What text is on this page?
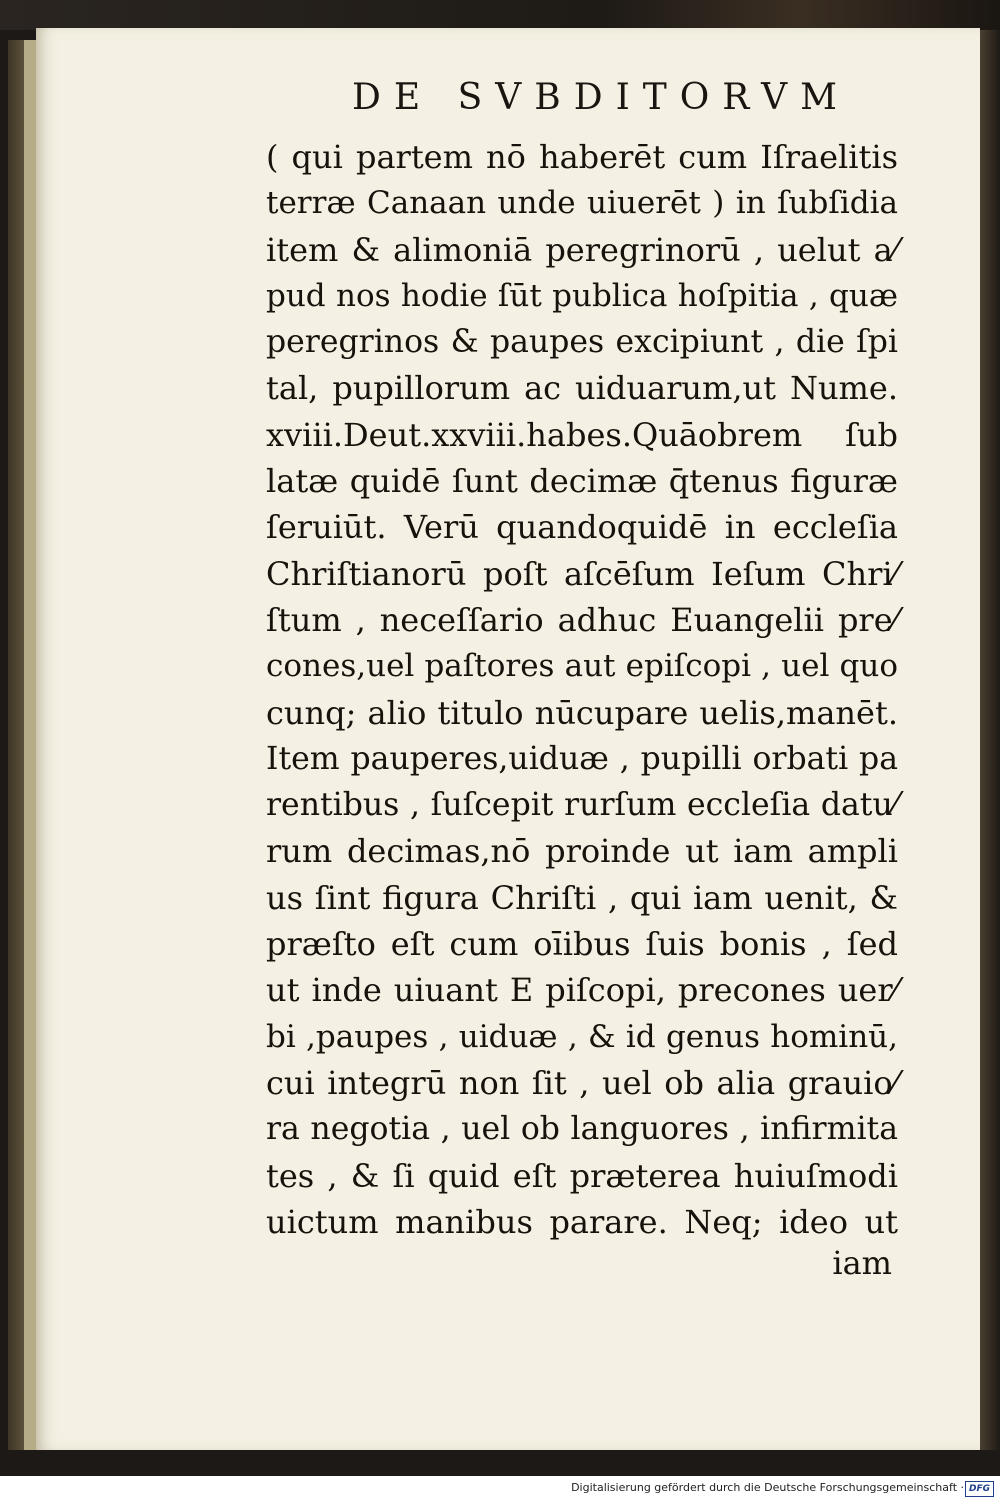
DE SVBDITORVM
( qui partem nō haberēt cum Iſraelitis
terræ Canaan unde uiuerēt ) in ſubſidia
item & alimoniā peregrinorū , uelut a⁄
pud nos hodie ſūt publica hoſpitia , quæ
peregrinos & paupes excipiunt , die ſpi
tal, pupillorum ac uiduarum,ut Nume.
xviii.Deut.xxviii.habes.Quāobrem ſub
latæ quidē ſunt decimæ q̄tenus figuræ
ſeruiūt. Verū quandoquidē in eccleſia
Chriſtianorū poſt aſcēſum Ieſum Chri⁄
ſtum , neceſſario adhuc Euangelii pre⁄
cones,uel paſtores aut epiſcopi , uel quo
cunq; alio titulo nūcupare uelis,manēt.
Item pauperes,uiduæ , pupilli orbati pa
rentibus , ſuſcepit rurſum eccleſia datu⁄
rum decimas,nō proinde ut iam ampli
us ſint figura Chriſti , qui iam uenit, &
præſto eſt cum oīibus ſuis bonis , ſed
ut inde uiuant E piſcopi, precones uer⁄
bi ,paupes , uiduæ , & id genus hominū,
cui integrū non ſit , uel ob alia grauio⁄
ra negotia , uel ob languores , infirmita
tes , & ſi quid eſt præterea huiuſmodi
uictum manibus parare. Neq; ideo ut
iam
Digitalisierung gefördert durch die Deutsche Forschungsgemeinschaft · DFG
